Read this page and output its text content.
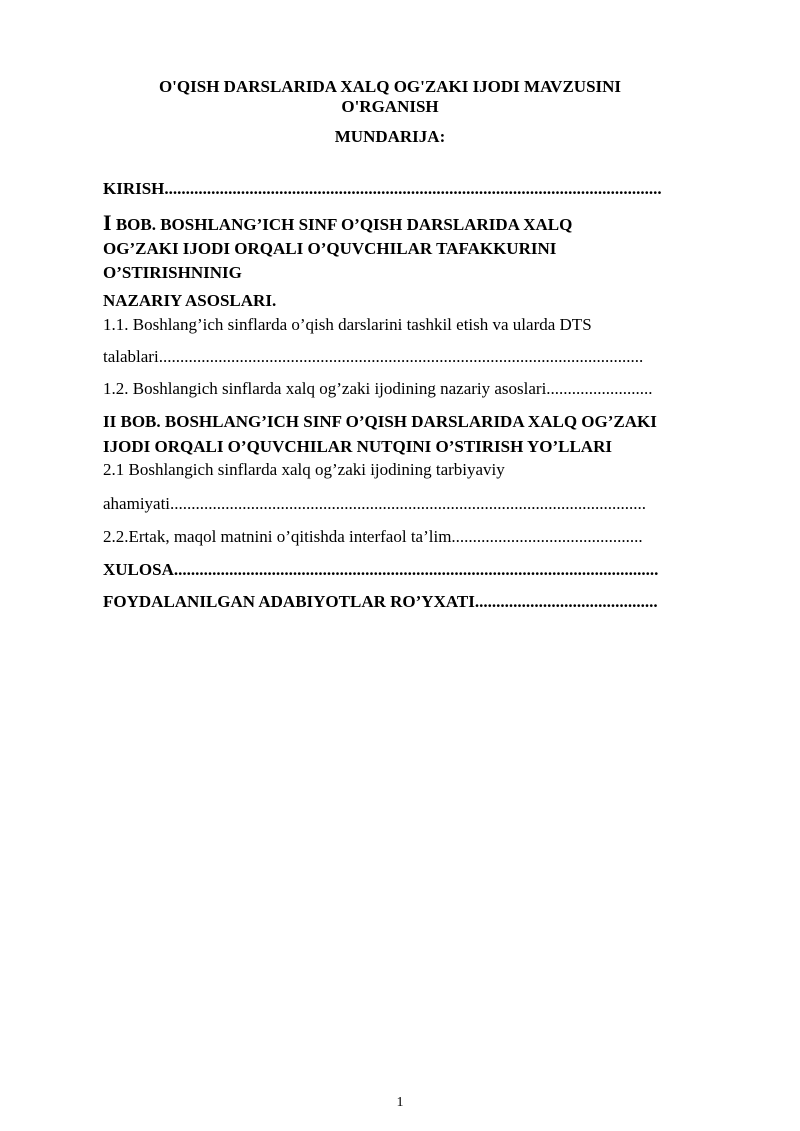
O'QISH DARSLARIDA XALQ OG'ZAKI IJODI MAVZUSINI

O'RGANISH

MUNDARIJA:

KIRISH.....................................................................................................................

I BOB. BOSHLANG’ICH SINF O’QISH DARSLARIDA XALQ

OG’ZAKI IJODI ORQALI O’QUVCHILAR TAFAKKURINI

O’STIRISHNINIG

NAZARIY ASOSLARI.

1.1. Boshlang’ich sinflarda o’qish darslarini tashkil etish va ularda DTS

talablari..................................................................................................................

1.2. Boshlangich sinflarda xalq og’zaki ijodining nazariy asoslari.........................

II BOB. BOSHLANG’ICH SINF O’QISH DARSLARIDA XALQ OG’ZAKI

IJODI ORQALI O’QUVCHILAR NUTQINI O’STIRISH YO’LLARI

2.1 Boshlangich sinflarda xalq og’zaki ijodining tarbiyaviy

ahamiyati................................................................................................................

2.2.Ertak, maqol matnini o’qitishda interfaol ta’lim.............................................

XULOSA..................................................................................................................

FOYDALANILGAN ADABIYOTLAR RO’YXATI...........................................

1
